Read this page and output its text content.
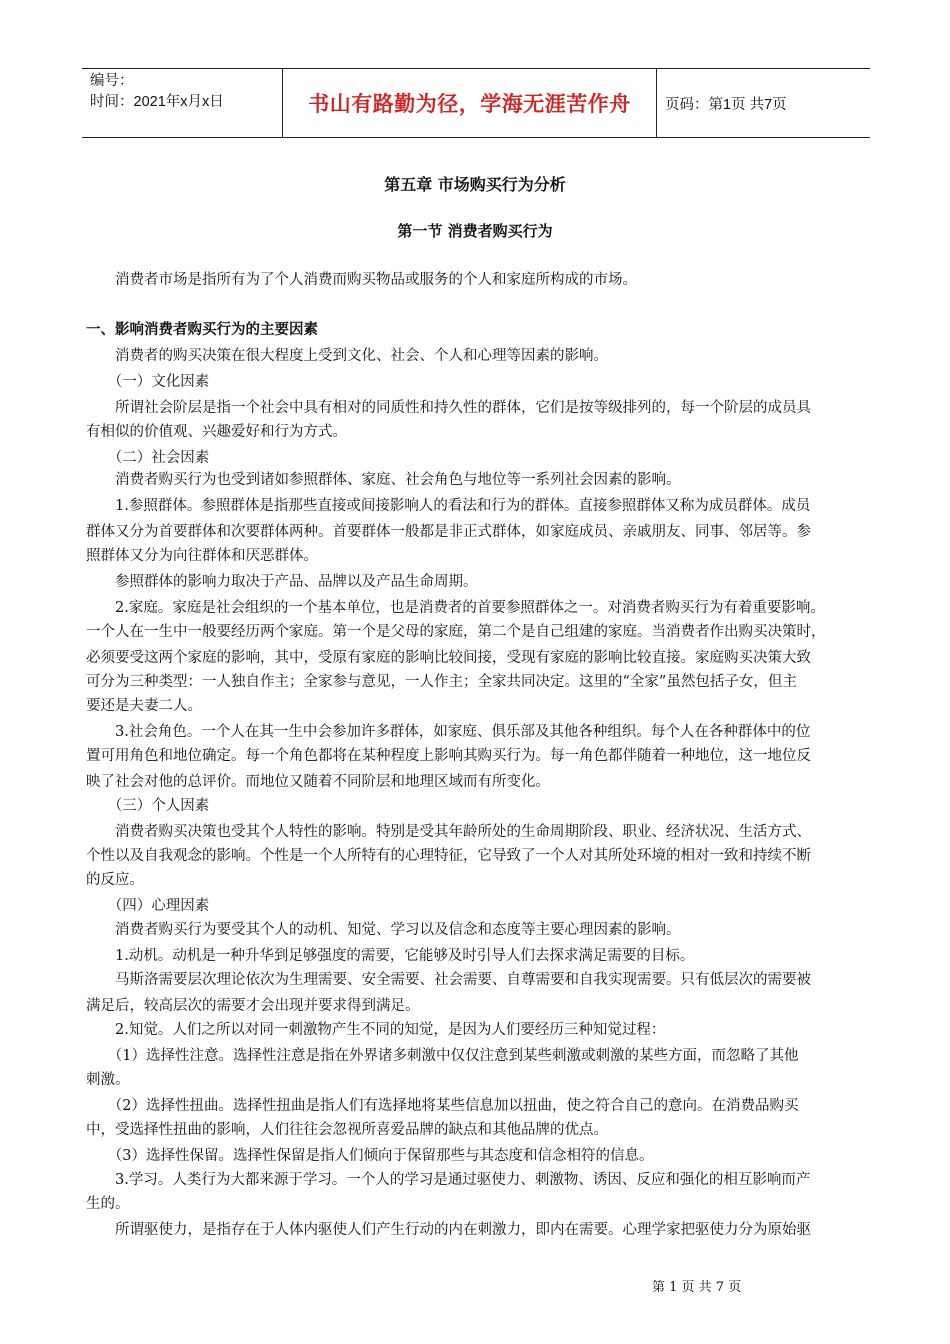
编号：
时间：2021年x月x日	书山有路勤为径，学海无涯苦作舟	页码：第1页 共7页
第五章 市场购买行为分析
第一节 消费者购买行为

　　消费者市场是指所有为了个人消费而购买物品或服务的个人和家庭所构成的市场。

一、影响消费者购买行为的主要因素

　　消费者的购买决策在很大程度上受到文化、社会、个人和心理等因素的影响。

　　（一）文化因素

　　所谓社会阶层是指一个社会中具有相对的同质性和持久性的群体，它们是按等级排列的，每一个阶层的成员具

有相似的价值观、兴趣爱好和行为方式。

　　（二）社会因素

　　消费者购买行为也受到诸如参照群体、家庭、社会角色与地位等一系列社会因素的影响。

　　1.参照群体。参照群体是指那些直接或间接影响人的看法和行为的群体。直接参照群体又称为成员群体。成员

群体又分为首要群体和次要群体两种。首要群体一般都是非正式群体，如家庭成员、亲戚朋友、同事、邻居等。参

照群体又分为向往群体和厌恶群体。

　　参照群体的影响力取决于产品、品牌以及产品生命周期。

　　2.家庭。家庭是社会组织的一个基本单位，也是消费者的首要参照群体之一。对消费者购买行为有着重要影响。

一个人在一生中一般要经历两个家庭。第一个是父母的家庭，第二个是自己组建的家庭。当消费者作出购买决策时，

必须要受这两个家庭的影响，其中，受原有家庭的影响比较间接，受现有家庭的影响比较直接。家庭购买决策大致

可分为三种类型：一人独自作主；全家参与意见，一人作主；全家共同决定。这里的“全家”虽然包括子女，但主

要还是夫妻二人。

　　3.社会角色。一个人在其一生中会参加许多群体，如家庭、俱乐部及其他各种组织。每个人在各种群体中的位

置可用角色和地位确定。每一个角色都将在某种程度上影响其购买行为。每一角色都伴随着一种地位，这一地位反

映了社会对他的总评价。而地位又随着不同阶层和地理区域而有所变化。

　　（三）个人因素

　　消费者购买决策也受其个人特性的影响。特别是受其年龄所处的生命周期阶段、职业、经济状况、生活方式、

个性以及自我观念的影响。个性是一个人所特有的心理特征，它导致了一个人对其所处环境的相对一致和持续不断

的反应。

　　（四）心理因素

　　消费者购买行为要受其个人的动机、知觉、学习以及信念和态度等主要心理因素的影响。

　　1.动机。动机是一种升华到足够强度的需要，它能够及时引导人们去探求满足需要的目标。

　　马斯洛需要层次理论依次为生理需要、安全需要、社会需要、自尊需要和自我实现需要。只有低层次的需要被

满足后，较高层次的需要才会出现并要求得到满足。

　　2.知觉。人们之所以对同一刺激物产生不同的知觉，是因为人们要经历三种知觉过程：

　　（1）选择性注意。选择性注意是指在外界诸多刺激中仅仅注意到某些刺激或刺激的某些方面，而忽略了其他

刺激。

　　（2）选择性扭曲。选择性扭曲是指人们有选择地将某些信息加以扭曲，使之符合自己的意向。在消费品购买

中，受选择性扭曲的影响，人们往往会忽视所喜爱品牌的缺点和其他品牌的优点。

　　（3）选择性保留。选择性保留是指人们倾向于保留那些与其态度和信念相符的信息。

　　3.学习。人类行为大都来源于学习。一个人的学习是通过驱使力、刺激物、诱因、反应和强化的相互影响而产

生的。

　　所谓驱使力，是指存在于人体内驱使人们产生行动的内在刺激力，即内在需要。心理学家把驱使力分为原始驱

第 1 页 共 7 页
